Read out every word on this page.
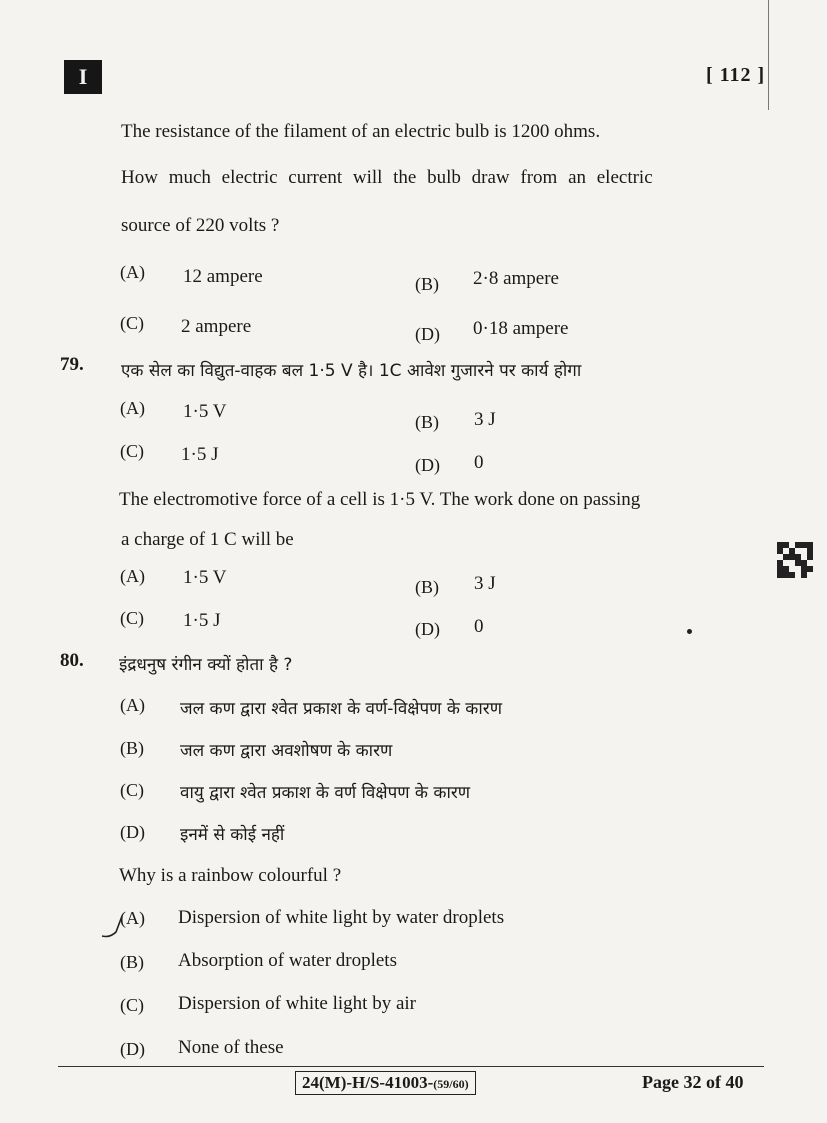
I	[ 112 ]
The resistance of the filament of an electric bulb is 1200 ohms.
How much electric current will the bulb draw from an electric
source of 220 volts ?
(A) 12 ampere	(B) 2·8 ampere
(C) 2 ampere	(D) 0·18 ampere
79. एक सेल का विद्युत-वाहक बल 1·5 V है। 1C आवेश गुजारने पर कार्य होगा
(A) 1·5 V	(B) 3 J
(C) 1·5 J	(D) 0
The electromotive force of a cell is 1·5 V. The work done on passing
a charge of 1 C will be
(A) 1·5 V	(B) 3 J
(C) 1·5 J	(D) 0
80. इंद्रधनुष रंगीन क्यों होता है ?
(A) जल कण द्वारा श्वेत प्रकाश के वर्ण-विक्षेपण के कारण
(B) जल कण द्वारा अवशोषण के कारण
(C) वायु द्वारा श्वेत प्रकाश के वर्ण विक्षेपण के कारण
(D) इनमें से कोई नहीं
Why is a rainbow colourful ?
(A) Dispersion of white light by water droplets
(B) Absorption of water droplets
(C) Dispersion of white light by air
(D) None of these
24(M)-H/S-41003-(59/60)	Page 32 of 40
